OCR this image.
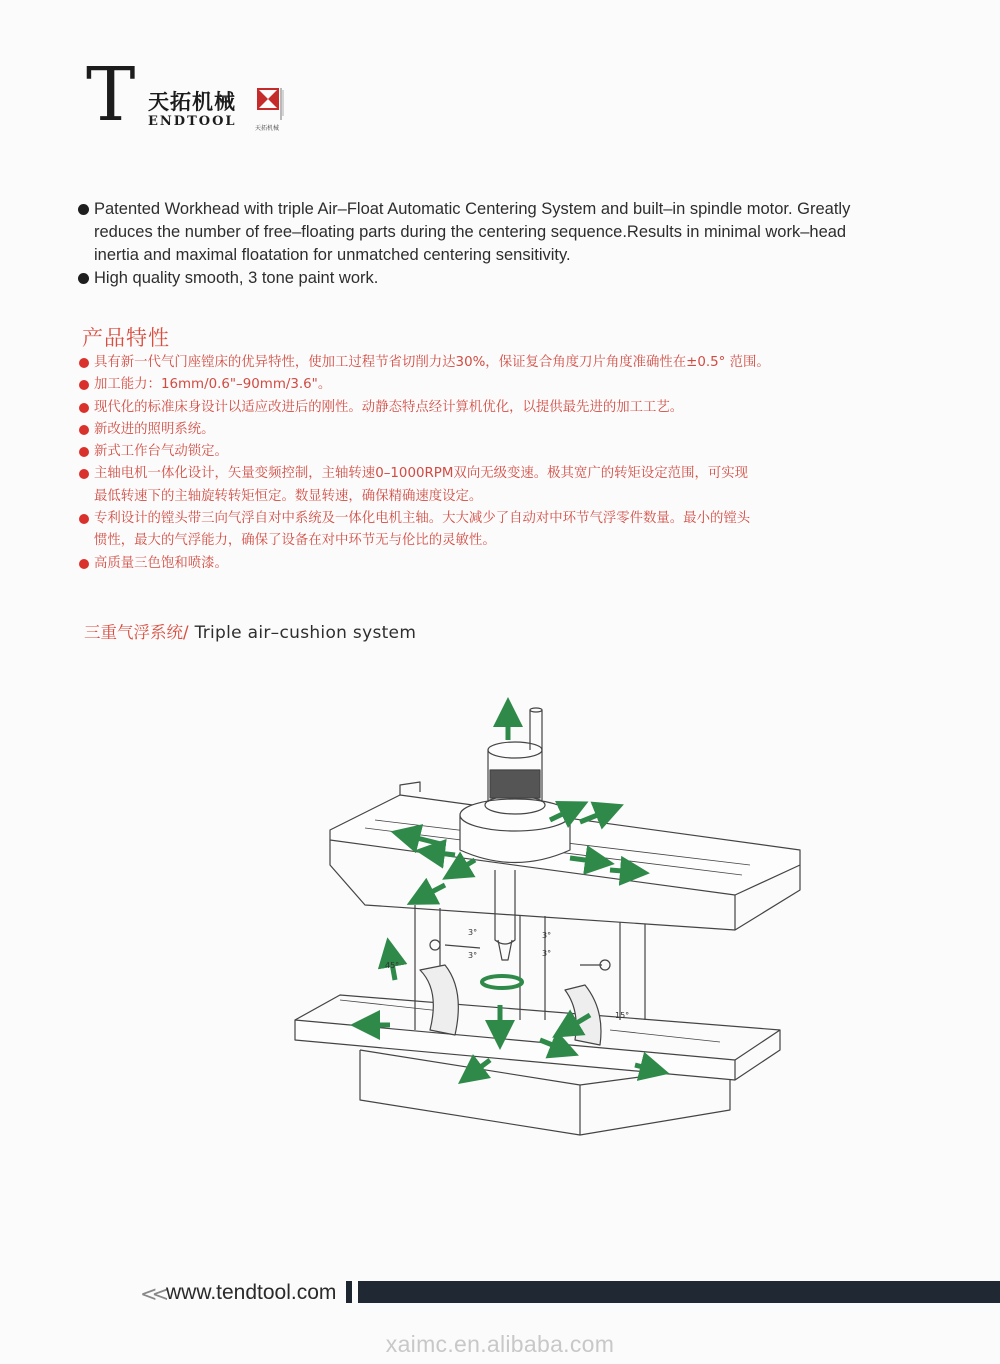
T 天拓机械
ENDTOOL	天拓机械
Patented Workhead with triple Air–Float Automatic Centering System and built–in spindle motor. Greatly
reduces the number of free–floating parts during the centering sequence.Results in minimal work–head
inertia and maximal floatation for unmatched centering sensitivity.
High quality smooth, 3 tone paint work.
产品特性
具有新一代气门座镗床的优异特性，使加工过程节省切削力达30%，保证复合角度刀片角度准确性在±0.5° 范围。
加工能力：16mm/0.6"–90mm/3.6"。
现代化的标准床身设计以适应改进后的刚性。动静态特点经计算机优化，以提供最先进的加工工艺。
新改进的照明系统。
新式工作台气动锁定。
主轴电机一体化设计，矢量变频控制，主轴转速0–1000RPM双向无级变速。极其宽广的转矩设定范围，可实现
最低转速下的主轴旋转转矩恒定。数显转速，确保精确速度设定。
专利设计的镗头带三向气浮自对中系统及一体化电机主轴。大大减少了自动对中环节气浮零件数量。最小的镗头
惯性，最大的气浮能力，确保了设备在对中环节无与伦比的灵敏性。
高质量三色饱和喷漆。
三重气浮系统/ Triple air–cushion system
3°
3°
3°
3°
45°
15°
<< www.tendtool.com
xaimc.en.alibaba.com
